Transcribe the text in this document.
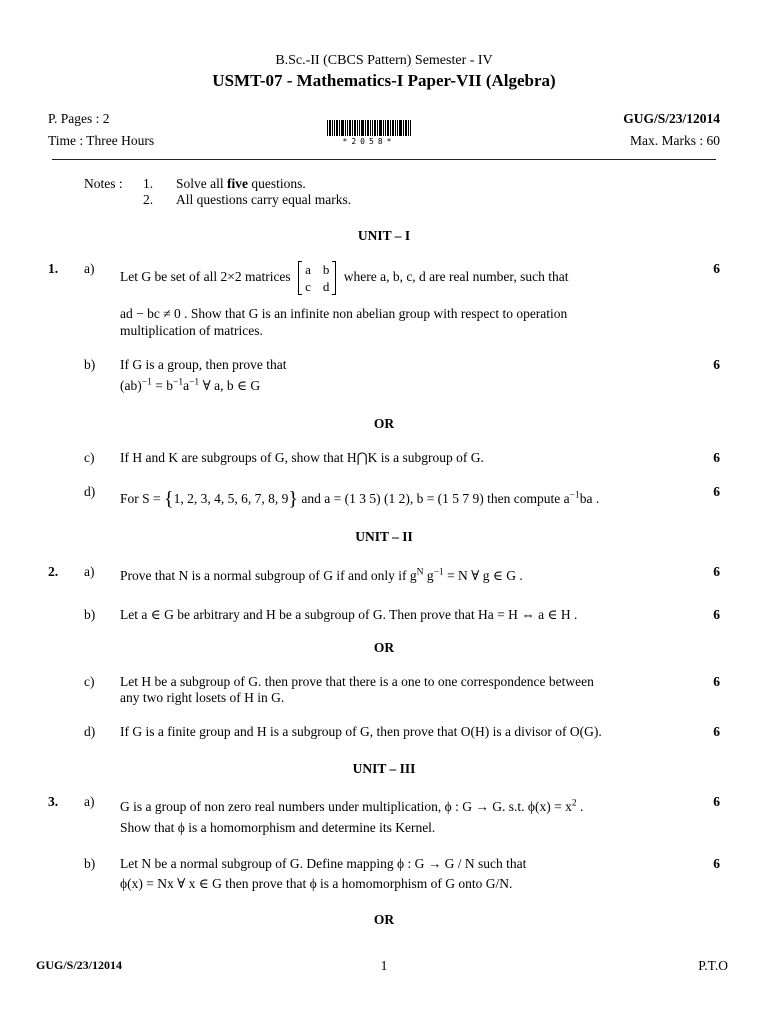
B.Sc.-II (CBCS Pattern) Semester - IV
USMT-07 - Mathematics-I Paper-VII (Algebra)
P. Pages : 2	GUG/S/23/12014
Time : Three Hours	Max. Marks : 60
*2058*
Notes : 1. Solve all five questions.
2. All questions carry equal marks.
UNIT – I
1. a)	6
Let G be set of all 2×2 matrices a	b
c	d
where a, b, c, d are real number, such that
ad − bc ≠ 0 . Show that G is an infinite non abelian group with respect to operation
multiplication of matrices.
b)	6
If G is a group, then prove that
$(ab)^{-1} = b^{-1}a^{-1}$ ∀ a, b ∈ G
OR
c)	6
If H and K are subgroups of G, show that H⋂K is a subgroup of G.
d)	6
For S = {1, 2, 3, 4, 5, 6, 7, 8, 9} and a = (1 3 5) (1 2), b = (1 5 7 9) then compute $a^{-1}ba$ .
UNIT – II
2. a)	6
Prove that N is a normal subgroup of G if and only if $g^N$ $g^{-1} = N$ ∀ g ∈ G .
b)	6
Let a ∈ G be arbitrary and H be a subgroup of G. Then prove that Ha = H ⇔ a ∈ H .
OR
c)	6
Let H be a subgroup of G. then prove that there is a one to one correspondence between
any two right losets of H in G.
d)	6
If G is a finite group and H is a subgroup of G, then prove that O(H) is a divisor of O(G).
UNIT – III
3. a)	6
G is a group of non zero real numbers under multiplication, ϕ : G → G. s.t. $\phi(x) = x^2$ .
Show that ϕ is a homomorphism and determine its Kernel.
b)	6
Let N be a normal subgroup of G. Define mapping ϕ : G → G / N such that
ϕ(x) = Nx ∀ x ∈ G then prove that ϕ is a homomorphism of G onto G/N.
OR
GUG/S/23/12014	1	P.T.O
